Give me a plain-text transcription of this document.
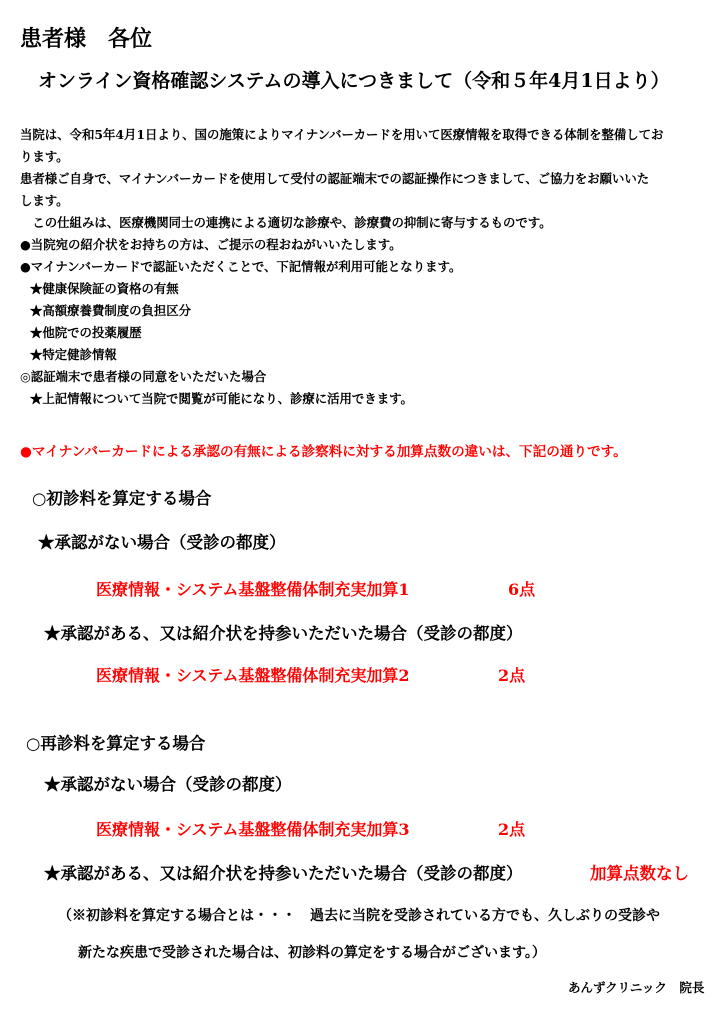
患者様　各位
オンライン資格確認システムの導入につきまして（令和５年4月1日より）
当院は、令和5年4月1日より、国の施策によりマイナンバーカードを用いて医療情報を取得できる体制を整備してお
ります。
患者様ご自身で、マイナンバーカードを使用して受付の認証端末での認証操作につきまして、ご協力をお願いいた
します。
　この仕組みは、医療機関同士の連携による適切な診療や、診療費の抑制に寄与するものです。
●当院宛の紹介状をお持ちの方は、ご提示の程おねがいいたします。
●マイナンバーカードで認証いただくことで、下記情報が利用可能となります。
★健康保険証の資格の有無
★高額療養費制度の負担区分
★他院での投薬履歴
★特定健診情報
◎認証端末で患者様の同意をいただいた場合
★上記情報について当院で閲覧が可能になり、診療に活用できます。
●マイナンバーカードによる承認の有無による診察料に対する加算点数の違いは、下記の通りです。
○初診料を算定する場合
★承認がない場合（受診の都度）
医療情報・システム基盤整備体制充実加算1	6点
★承認がある、又は紹介状を持参いただいた場合（受診の都度）
医療情報・システム基盤整備体制充実加算2	2点
○再診料を算定する場合
★承認がない場合（受診の都度）
医療情報・システム基盤整備体制充実加算3	2点
★承認がある、又は紹介状を持参いただいた場合（受診の都度）	加算点数なし
（※初診料を算定する場合とは・・・　過去に当院を受診されている方でも、久しぶりの受診や
新たな疾患で受診された場合は、初診料の算定をする場合がございます。）
あんずクリニック　院長
